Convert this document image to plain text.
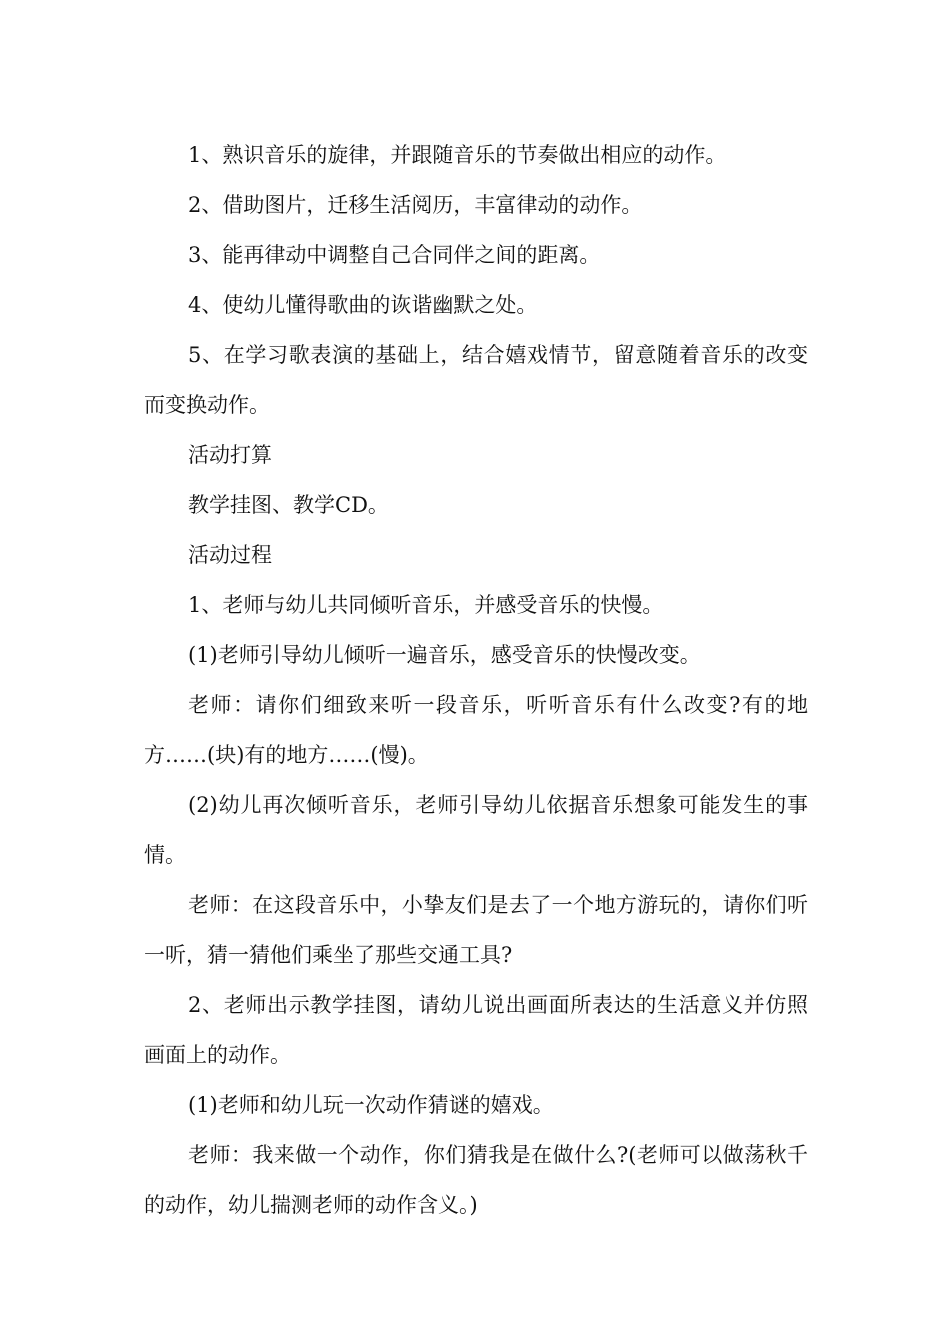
1、熟识音乐的旋律，并跟随音乐的节奏做出相应的动作。

2、借助图片，迁移生活阅历，丰富律动的动作。

3、能再律动中调整自己合同伴之间的距离。

4、使幼儿懂得歌曲的诙谐幽默之处。

5、在学习歌表演的基础上，结合嬉戏情节，留意随着音乐的改变而变换动作。

活动打算

教学挂图、教学CD。

活动过程

1、老师与幼儿共同倾听音乐，并感受音乐的快慢。

(1)老师引导幼儿倾听一遍音乐，感受音乐的快慢改变。

老师：请你们细致来听一段音乐，听听音乐有什么改变?有的地方……(块)有的地方……(慢)。

(2)幼儿再次倾听音乐，老师引导幼儿依据音乐想象可能发生的事情。

老师：在这段音乐中，小挚友们是去了一个地方游玩的，请你们听一听，猜一猜他们乘坐了那些交通工具?

2、老师出示教学挂图，请幼儿说出画面所表达的生活意义并仿照画面上的动作。

(1)老师和幼儿玩一次动作猜谜的嬉戏。

老师：我来做一个动作，你们猜我是在做什么?(老师可以做荡秋千的动作，幼儿揣测老师的动作含义。)
